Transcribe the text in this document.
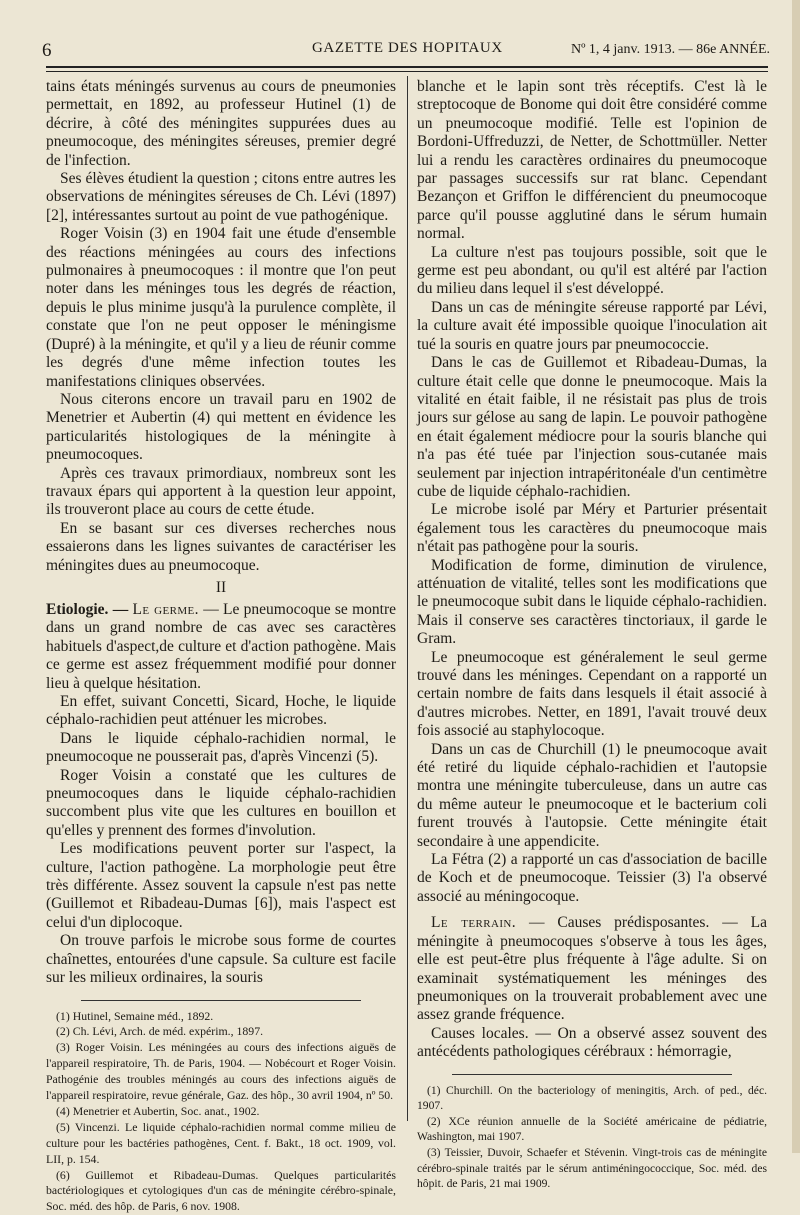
6	GAZETTE DES HOPITAUX	Nº 1, 4 janv. 1913. — 86e ANNÉE.

tains états méningés survenus au cours de pneumonies permettait, en 1892, au professeur Hutinel (1) de décrire, à côté des méningites suppurées dues au pneumocoque, des méningites séreuses, premier degré de l'infection.

Ses élèves étudient la question ; citons entre autres les observations de méningites séreuses de Ch. Lévi (1897) [2], intéressantes surtout au point de vue pathogénique.

Roger Voisin (3) en 1904 fait une étude d'ensemble des réactions méningées au cours des infections pulmonaires à pneumocoques : il montre que l'on peut noter dans les méninges tous les degrés de réaction, depuis le plus minime jusqu'à la purulence complète, il constate que l'on ne peut opposer le méningisme (Dupré) à la méningite, et qu'il y a lieu de réunir comme les degrés d'une même infection toutes les manifestations cliniques observées.

Nous citerons encore un travail paru en 1902 de Menetrier et Aubertin (4) qui mettent en évidence les particularités histologiques de la méningite à pneumocoques.

Après ces travaux primordiaux, nombreux sont les travaux épars qui apportent à la question leur appoint, ils trouveront place au cours de cette étude.

En se basant sur ces diverses recherches nous essaierons dans les lignes suivantes de caractériser les méningites dues au pneumocoque.

II

Etiologie. — Le germe. — Le pneumocoque se montre dans un grand nombre de cas avec ses caractères habituels d'aspect,de culture et d'action pathogène. Mais ce germe est assez fréquemment modifié pour donner lieu à quelque hésitation.

En effet, suivant Concetti, Sicard, Hoche, le liquide céphalo-rachidien peut atténuer les microbes.

Dans le liquide céphalo-rachidien normal, le pneumocoque ne pousserait pas, d'après Vincenzi (5).

Roger Voisin a constaté que les cultures de pneumocoques dans le liquide céphalo-rachidien succombent plus vite que les cultures en bouillon et qu'elles y prennent des formes d'involution.

Les modifications peuvent porter sur l'aspect, la culture, l'action pathogène. La morphologie peut être très différente. Assez souvent la capsule n'est pas nette (Guillemot et Ribadeau-Dumas [6]), mais l'aspect est celui d'un diplocoque.

On trouve parfois le microbe sous forme de courtes chaînettes, entourées d'une capsule. Sa culture est facile sur les milieux ordinaires, la souris

(1) Hutinel, Semaine méd., 1892.

(2) Ch. Lévi, Arch. de méd. expérim., 1897.

(3) Roger Voisin. Les méningées au cours des infections aiguës de l'appareil respiratoire, Th. de Paris, 1904. — Nobécourt et Roger Voisin. Pathogénie des troubles méningés au cours des infections aiguës de l'appareil respiratoire, revue générale, Gaz. des hôp., 30 avril 1904, nº 50.

(4) Menetrier et Aubertin, Soc. anat., 1902.

(5) Vincenzi. Le liquide céphalo-rachidien normal comme milieu de culture pour les bactéries pathogènes, Cent. f. Bakt., 18 oct. 1909, vol. LII, p. 154.

(6) Guillemot et Ribadeau-Dumas. Quelques particularités bactériologiques et cytologiques d'un cas de méningite cérébro-spinale, Soc. méd. des hôp. de Paris, 6 nov. 1908.

blanche et le lapin sont très réceptifs. C'est là le streptocoque de Bonome qui doit être considéré comme un pneumocoque modifié. Telle est l'opinion de Bordoni-Uffreduzzi, de Netter, de Schottmüller. Netter lui a rendu les caractères ordinaires du pneumocoque par passages successifs sur rat blanc. Cependant Bezançon et Griffon le différencient du pneumocoque parce qu'il pousse agglutiné dans le sérum humain normal.

La culture n'est pas toujours possible, soit que le germe est peu abondant, ou qu'il est altéré par l'action du milieu dans lequel il s'est développé.

Dans un cas de méningite séreuse rapporté par Lévi, la culture avait été impossible quoique l'inoculation ait tué la souris en quatre jours par pneumococcie.

Dans le cas de Guillemot et Ribadeau-Dumas, la culture était celle que donne le pneumocoque. Mais la vitalité en était faible, il ne résistait pas plus de trois jours sur gélose au sang de lapin. Le pouvoir pathogène en était également médiocre pour la souris blanche qui n'a pas été tuée par l'injection sous-cutanée mais seulement par injection intrapéritonéale d'un centimètre cube de liquide céphalo-rachidien.

Le microbe isolé par Méry et Parturier présentait également tous les caractères du pneumocoque mais n'était pas pathogène pour la souris.

Modification de forme, diminution de virulence, atténuation de vitalité, telles sont les modifications que le pneumocoque subit dans le liquide céphalo-rachidien. Mais il conserve ses caractères tinctoriaux, il garde le Gram.

Le pneumocoque est généralement le seul germe trouvé dans les méninges. Cependant on a rapporté un certain nombre de faits dans lesquels il était associé à d'autres microbes. Netter, en 1891, l'avait trouvé deux fois associé au staphylocoque.

Dans un cas de Churchill (1) le pneumocoque avait été retiré du liquide céphalo-rachidien et l'autopsie montra une méningite tuberculeuse, dans un autre cas du même auteur le pneumocoque et le bacterium coli furent trouvés à l'autopsie. Cette méningite était secondaire à une appendicite.

La Fétra (2) a rapporté un cas d'association de bacille de Koch et de pneumocoque. Teissier (3) l'a observé associé au méningocoque.

Le terrain. — Causes prédisposantes. — La méningite à pneumocoques s'observe à tous les âges, elle est peut-être plus fréquente à l'âge adulte. Si on examinait systématiquement les méninges des pneumoniques on la trouverait probablement avec une assez grande fréquence.

Causes locales. — On a observé assez souvent des antécédents pathologiques cérébraux : hémorragie,

(1) Churchill. On the bacteriology of meningitis, Arch. of ped., déc. 1907.

(2) XCe réunion annuelle de la Société américaine de pédiatrie, Washington, mai 1907.

(3) Teissier, Duvoir, Schaefer et Stévenin. Vingt-trois cas de méningite cérébro-spinale traités par le sérum antiméningococcique, Soc. méd. des hôpit. de Paris, 21 mai 1909.
